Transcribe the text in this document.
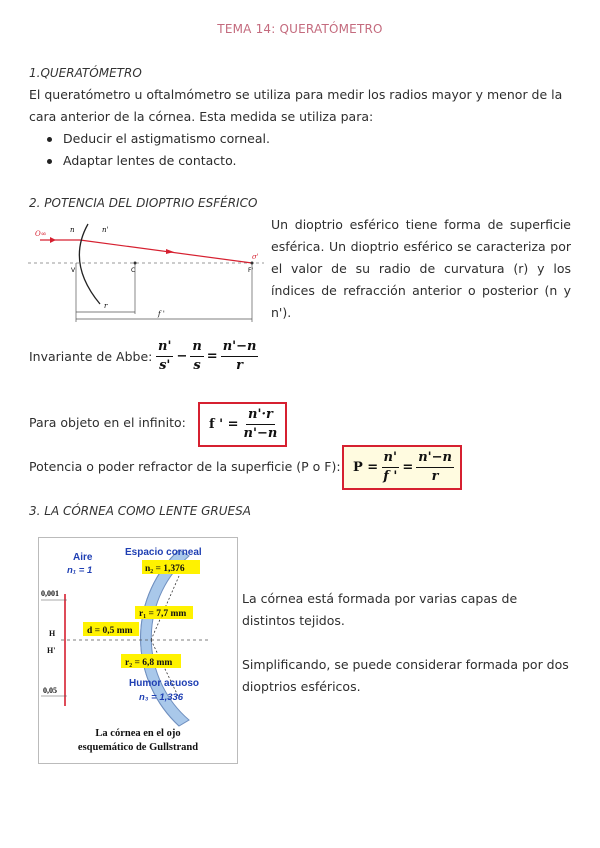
TEMA 14: QUERATÓMETRO
1.QUERATÓMETRO
El queratómetro u oftalmómetro se utiliza para medir los radios mayor y menor de la cara anterior de la córnea. Esta medida se utiliza para:
Deducir el astigmatismo corneal.
Adaptar lentes de contacto.
2. POTENCIA DEL DIOPTRIO ESFÉRICO
O∞	n	n'
σ'
V	C	F'
r
f '
Un dioptrio esférico tiene forma de superficie esférica. Un dioptrio esférico se caracteriza por el valor de su radio de curvatura (r) y los índices de refracción anterior o posterior (n y n').
Invariante de Abbe: $\frac{n'}{s'} - \frac{n}{s} = \frac{n'-n}{r}$
Para objeto en el infinito:	f ' = $\frac{n'\cdot r}{n'-n}$
Potencia o poder refractor de la superficie (P o F): $P = \frac{n'}{f '} = \frac{n'-n}{r}$
3. LA CÓRNEA COMO LENTE GRUESA
Aire
n₁ = 1
Espacio corneal
n₂ = 1,376
r₁ = 7,7 mm
d = 0,5 mm
r₂ = 6,8 mm
Humor acuoso
n₃ = 1,336
0,001
0,05
H
H'
La córnea en el ojo
esquemático de Gullstrand
La córnea está formada por varias capas de distintos tejidos.
Simplificando, se puede considerar formada por dos dioptrios esféricos.
